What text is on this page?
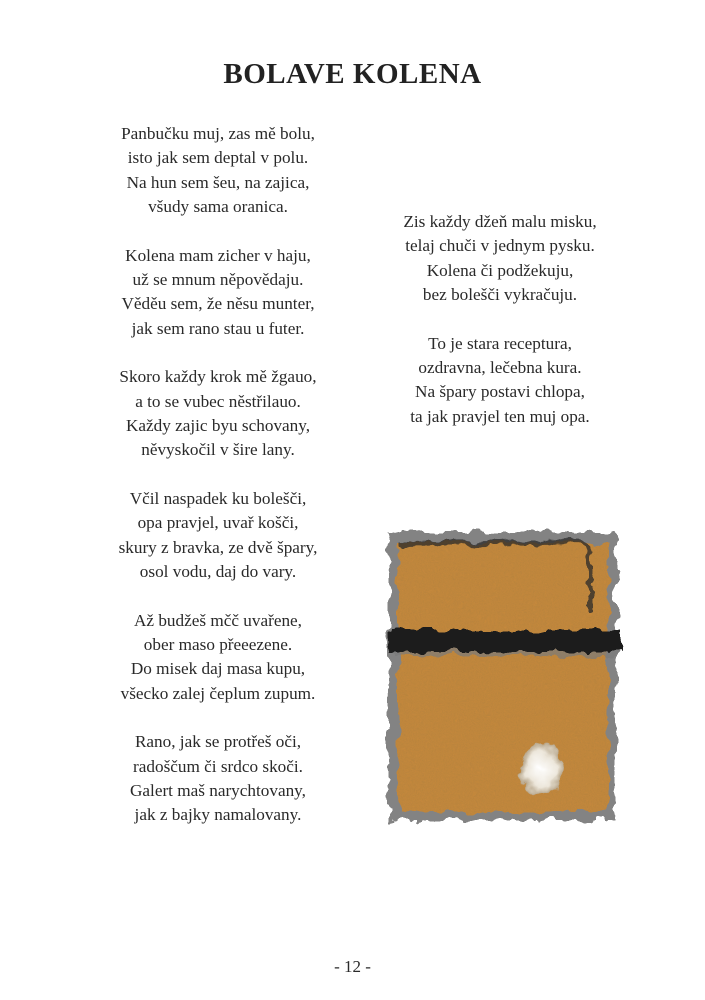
BOLAVE KOLENA
Panbučku muj, zas mě bolu,
isto jak sem deptal v polu.
Na hun sem šeu, na zajica,
všudy sama oranica.
Kolena mam zicher v haju,
už se mnum něpovědaju.
Věděu sem, že něsu munter,
jak sem rano stau u futer.
Skoro každy krok mě žgauo,
a to se vubec něstřilauo.
Každy zajic byu schovany,
něvyskočil v šire lany.
Včil naspadek ku bolešči,
opa pravjel, uvař košči,
skury z bravka, ze dvě špary,
osol vodu, daj do vary.
Až budžeš mčč uvařene,
ober maso přeeezene.
Do misek daj masa kupu,
všecko zalej čeplum zupum.
Rano, jak se protřeš oči,
radoščum či srdco skoči.
Galert maš narychtovany,
jak z bajky namalovany.
Zis každy džeň malu misku,
telaj chuči v jednym pysku.
Kolena či podžekuju,
bez bolešči vykračuju.
To je stara receptura,
ozdravna, lečebna kura.
Na špary postavi chlopa,
ta jak pravjel ten muj opa.
- 12 -
